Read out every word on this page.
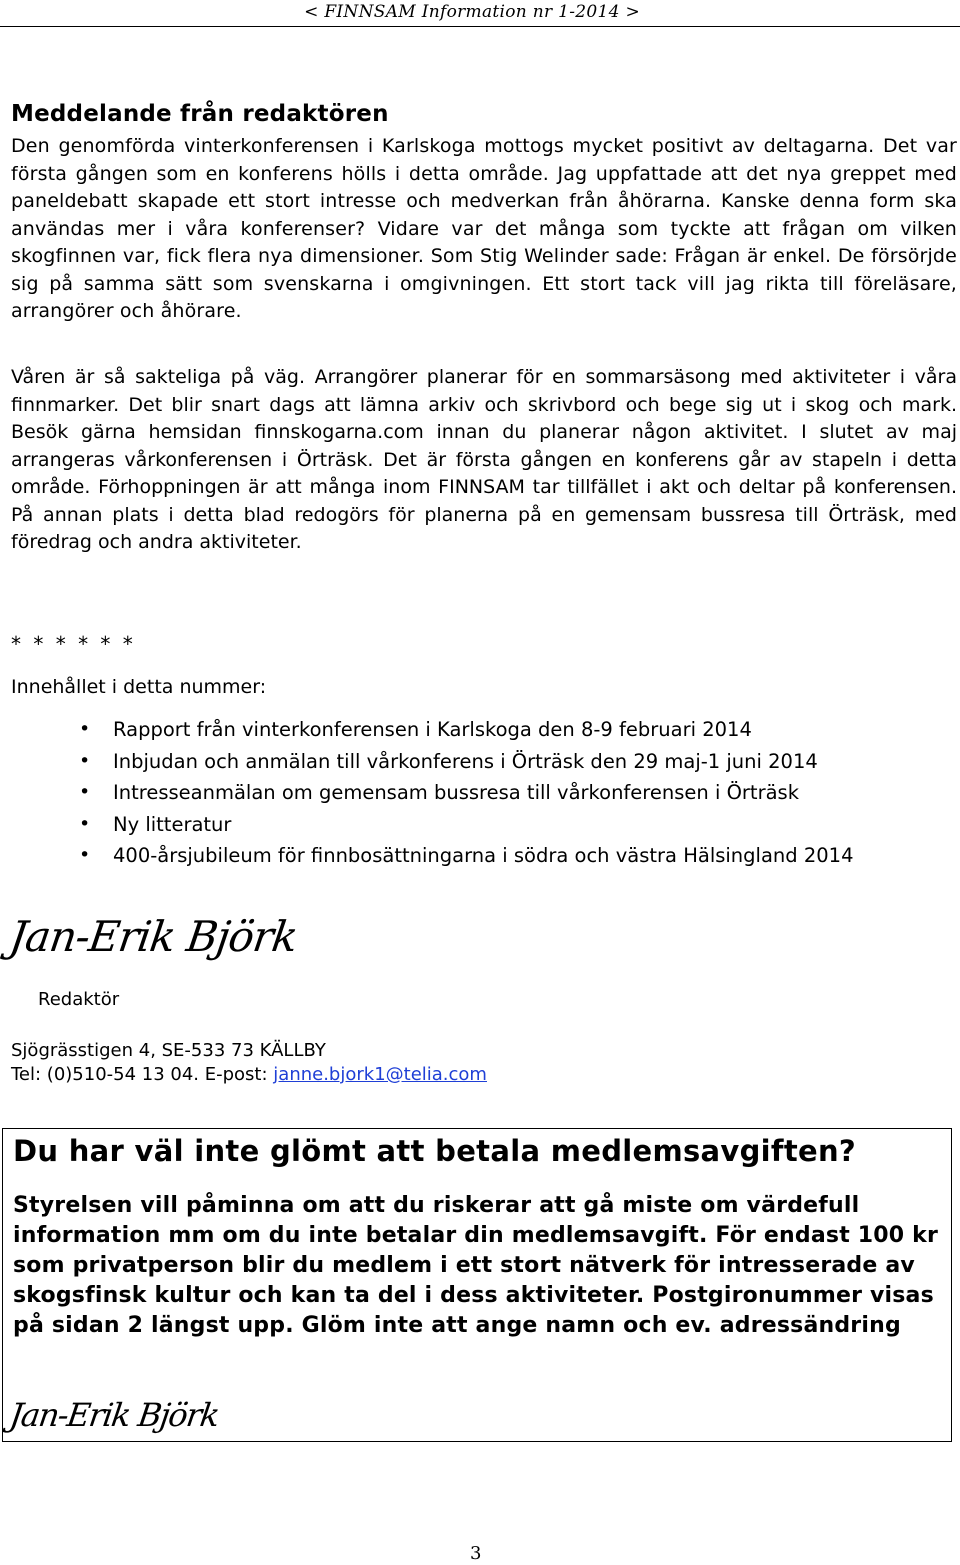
< FINNSAM Information nr 1-2014 >
Meddelande från redaktören

Den genomförda vinterkonferensen i Karlskoga mottogs mycket positivt av deltagarna. Det var första gången som en konferens hölls i detta område. Jag uppfattade att det nya greppet med paneldebatt skapade ett stort intresse och medverkan från åhörarna. Kanske denna form ska användas mer i våra konferenser? Vidare var det många som tyckte att frågan om vilken skogfinnen var, fick flera nya dimensioner. Som Stig Welinder sade: Frågan är enkel. De försörjde sig på samma sätt som svenskarna i omgivningen. Ett stort tack vill jag rikta till föreläsare, arrangörer och åhörare.

Våren är så sakteliga på väg. Arrangörer planerar för en sommarsäsong med aktiviteter i våra finnmarker. Det blir snart dags att lämna arkiv och skrivbord och bege sig ut i skog och mark. Besök gärna hemsidan finnskogarna.com innan du planerar någon aktivitet. I slutet av maj arrangeras vårkonferensen i Örträsk. Det är första gången en konferens går av stapeln i detta område. Förhoppningen är att många inom FINNSAM tar tillfället i akt och deltar på konferensen. På annan plats i detta blad redogörs för planerna på en gemensam bussresa till Örträsk, med föredrag och andra aktiviteter.

* * * * * *
Innehållet i detta nummer:
• Rapport från vinterkonferensen i Karlskoga den 8-9 februari 2014
• Inbjudan och anmälan till vårkonferens i Örträsk den 29 maj-1 juni 2014
• Intresseanmälan om gemensam bussresa till vårkonferensen i Örträsk
• Ny litteratur
• 400-årsjubileum för finnbosättningarna i södra och västra Hälsingland 2014
Jan-Erik Björk
Redaktör
Sjögrässtigen 4, SE-533 73 KÄLLBY
Tel: (0)510-54 13 04. E-post: janne.bjork1@telia.com
Du har väl inte glömt att betala medlemsavgiften?

Styrelsen vill påminna om att du riskerar att gå miste om värdefull information mm om du inte betalar din medlemsavgift. För endast 100 kr som privatperson blir du medlem i ett stort nätverk för intresserade av skogsfinsk kultur och kan ta del i dess aktiviteter. Postgironummer visas på sidan 2 längst upp. Glöm inte att ange namn och ev. adressändring

Jan-Erik Björk
3
